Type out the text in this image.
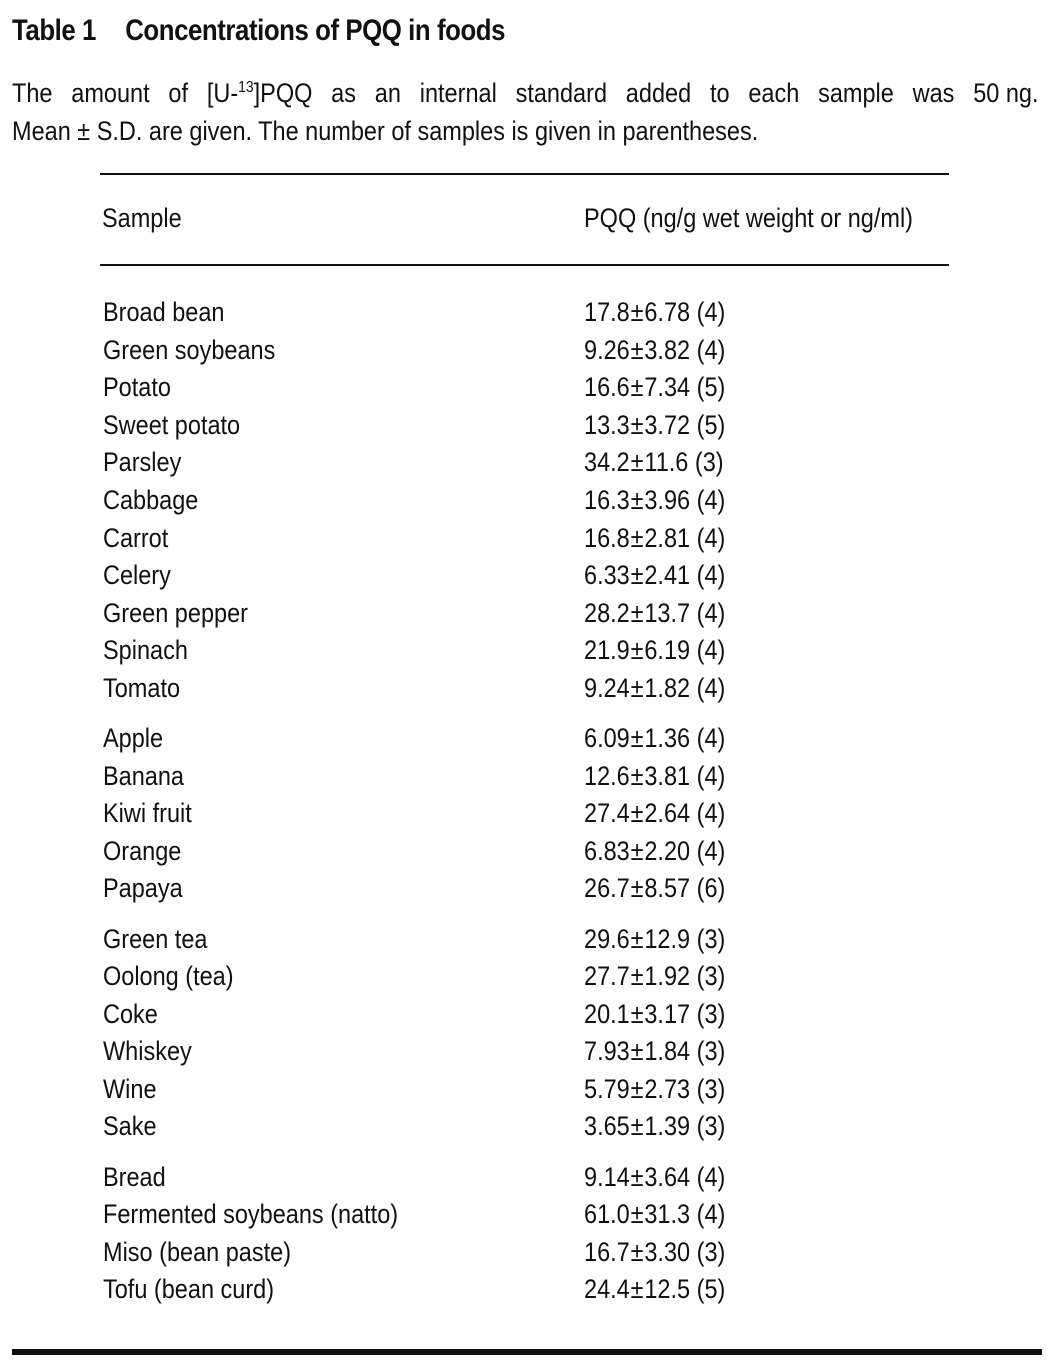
Table 1 Concentrations of PQQ in foods
The amount of [U-$^{13}$]PQQ as an internal standard added to each sample was 50 ng.
Mean ± S.D. are given. The number of samples is given in parentheses.
Sample	PQQ (ng/g wet weight or ng/ml)
Broad bean	17.8±6.78 (4)
Green soybeans	9.26±3.82 (4)
Potato	16.6±7.34 (5)
Sweet potato	13.3±3.72 (5)
Parsley	34.2±11.6 (3)
Cabbage	16.3±3.96 (4)
Carrot	16.8±2.81 (4)
Celery	6.33±2.41 (4)
Green pepper	28.2±13.7 (4)
Spinach	21.9±6.19 (4)
Tomato	9.24±1.82 (4)
Apple	6.09±1.36 (4)
Banana	12.6±3.81 (4)
Kiwi fruit	27.4±2.64 (4)
Orange	6.83±2.20 (4)
Papaya	26.7±8.57 (6)
Green tea	29.6±12.9 (3)
Oolong (tea)	27.7±1.92 (3)
Coke	20.1±3.17 (3)
Whiskey	7.93±1.84 (3)
Wine	5.79±2.73 (3)
Sake	3.65±1.39 (3)
Bread	9.14±3.64 (4)
Fermented soybeans (natto)	61.0±31.3 (4)
Miso (bean paste)	16.7±3.30 (3)
Tofu (bean curd)	24.4±12.5 (5)
